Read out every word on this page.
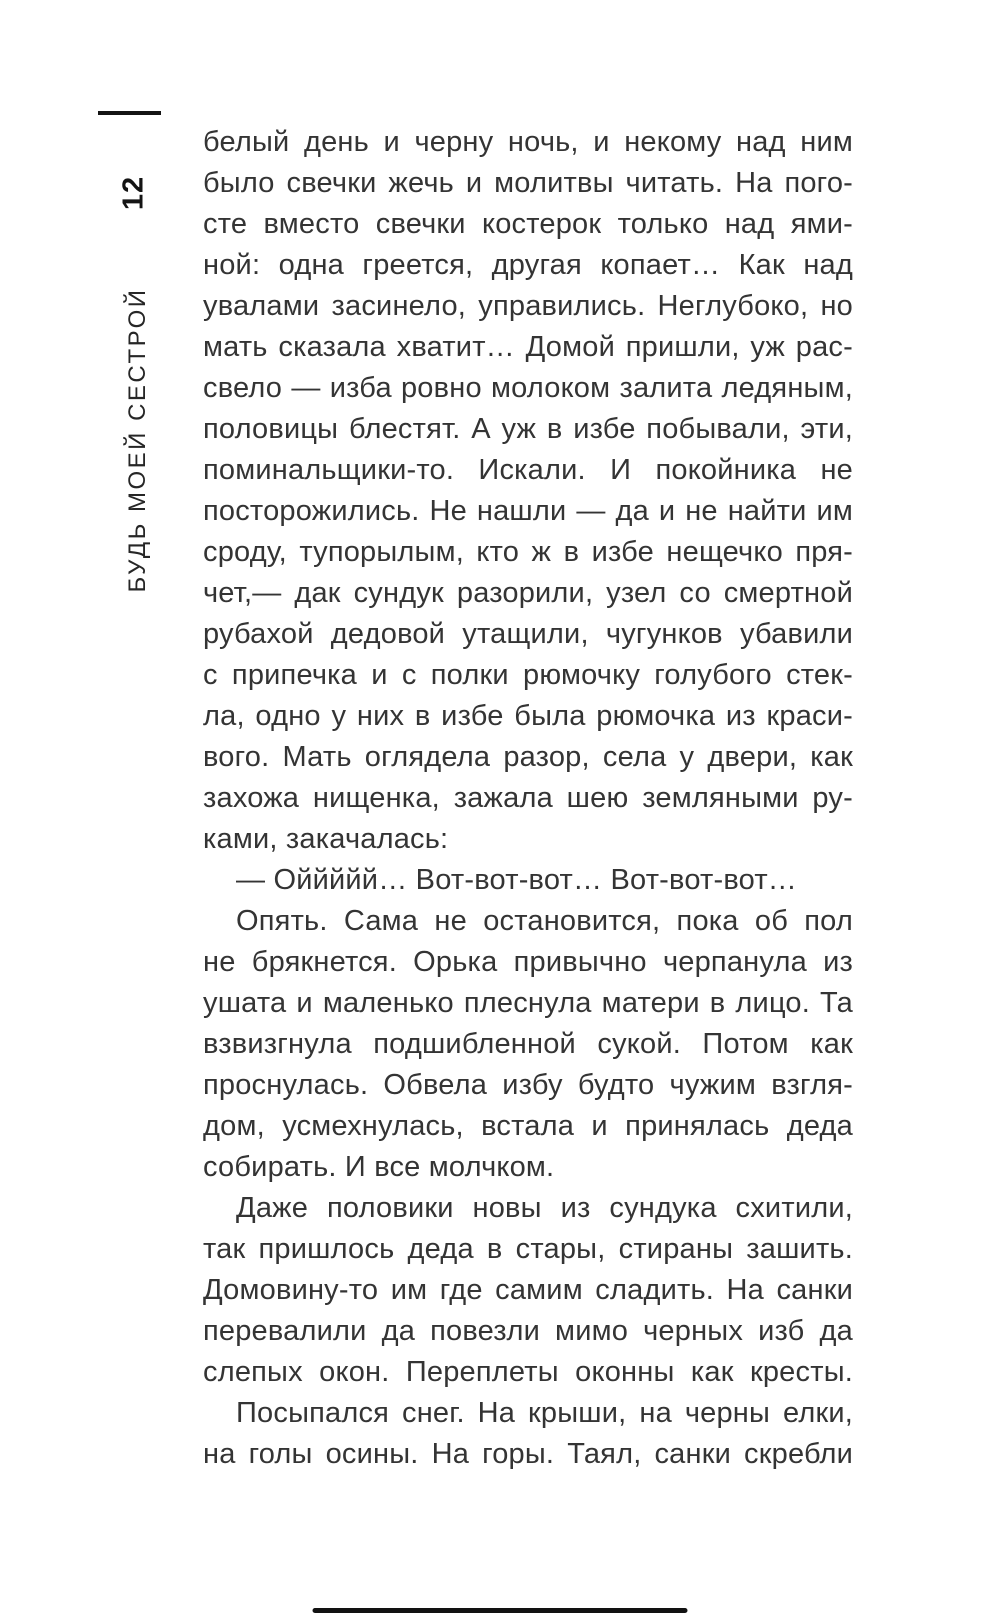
12
БУДЬ МОЕЙ СЕСТРОЙ
белый день и черну ночь, и некому над ним
было свечки жечь и молитвы читать. На пого-
сте вместо свечки костерок только над ями-
ной: одна греется, другая копает… Как над
увалами засинело, управились. Неглубоко, но
мать сказала хватит… Домой пришли, уж рас-
свело — изба ровно молоком залита ледяным,
половицы блестят. А уж в избе побывали, эти,
поминальщики-то. Искали. И покойника не
посторожились. Не нашли — да и не найти им
сроду, тупорылым, кто ж в избе нещечко пря-
чет,— дак сундук разорили, узел со смертной
рубахой дедовой утащили, чугунков убавили
с припечка и с полки рюмочку голубого стек-
ла, одно у них в избе была рюмочка из краси-
вого. Мать оглядела разор, села у двери, как
захожа нищенка, зажала шею земляными ру-
ками, закачалась:
— Оййййй… Вот-вот-вот… Вот-вот-вот…
Опять. Сама не остановится, пока об пол
не брякнется. Орька привычно черпанула из
ушата и маленько плеснула матери в лицо. Та
взвизгнула подшибленной сукой. Потом как
проснулась. Обвела избу будто чужим взгля-
дом, усмехнулась, встала и принялась деда
собирать. И все молчком.
Даже половики новы из сундука схитили,
так пришлось деда в стары, стираны зашить.
Домовину-то им где самим сладить. На санки
перевалили да повезли мимо черных изб да
слепых окон. Переплеты оконны как кресты.
Посыпался снег. На крыши, на черны елки,
на голы осины. На горы. Таял, санки скребли
